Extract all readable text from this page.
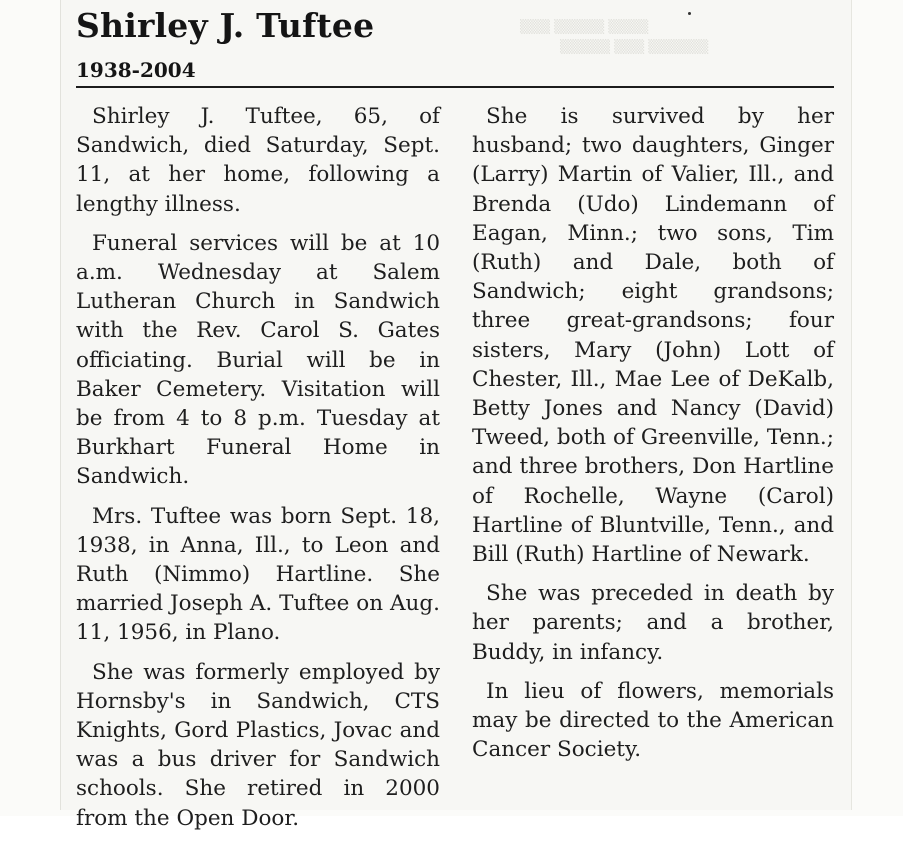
▒▒▒ ▒▒▒▒▒ ▒▒▒▒
▒▒▒▒▒ ▒▒▒ ▒▒▒▒▒▒
Shirley J. Tuftee
1938-2004

Shirley J. Tuftee, 65, of Sandwich, died Saturday, Sept. 11, at her home, following a lengthy illness.

Funeral services will be at 10 a.m. Wednesday at Salem Lutheran Church in Sandwich with the Rev. Carol S. Gates officiating. Burial will be in Baker Cemetery. Visitation will be from 4 to 8 p.m. Tuesday at Burkhart Funeral Home in Sandwich.

Mrs. Tuftee was born Sept. 18, 1938, in Anna, Ill., to Leon and Ruth (Nimmo) Hartline. She married Joseph A. Tuftee on Aug. 11, 1956, in Plano.

She was formerly employed by Hornsby's in Sandwich, CTS Knights, Gord Plastics, Jovac and was a bus driver for Sandwich schools. She retired in 2000 from the Open Door.

She is survived by her husband; two daughters, Ginger (Larry) Martin of Valier, Ill., and Brenda (Udo) Lindemann of Eagan, Minn.; two sons, Tim (Ruth) and Dale, both of Sandwich; eight grandsons; three great-grandsons; four sisters, Mary (John) Lott of Chester, Ill., Mae Lee of DeKalb, Betty Jones and Nancy (David) Tweed, both of Greenville, Tenn.; and three brothers, Don Hartline of Rochelle, Wayne (Carol) Hartline of Bluntville, Tenn., and Bill (Ruth) Hartline of Newark.

She was preceded in death by her parents; and a brother, Buddy, in infancy.

In lieu of flowers, memorials may be directed to the American Cancer Society.
